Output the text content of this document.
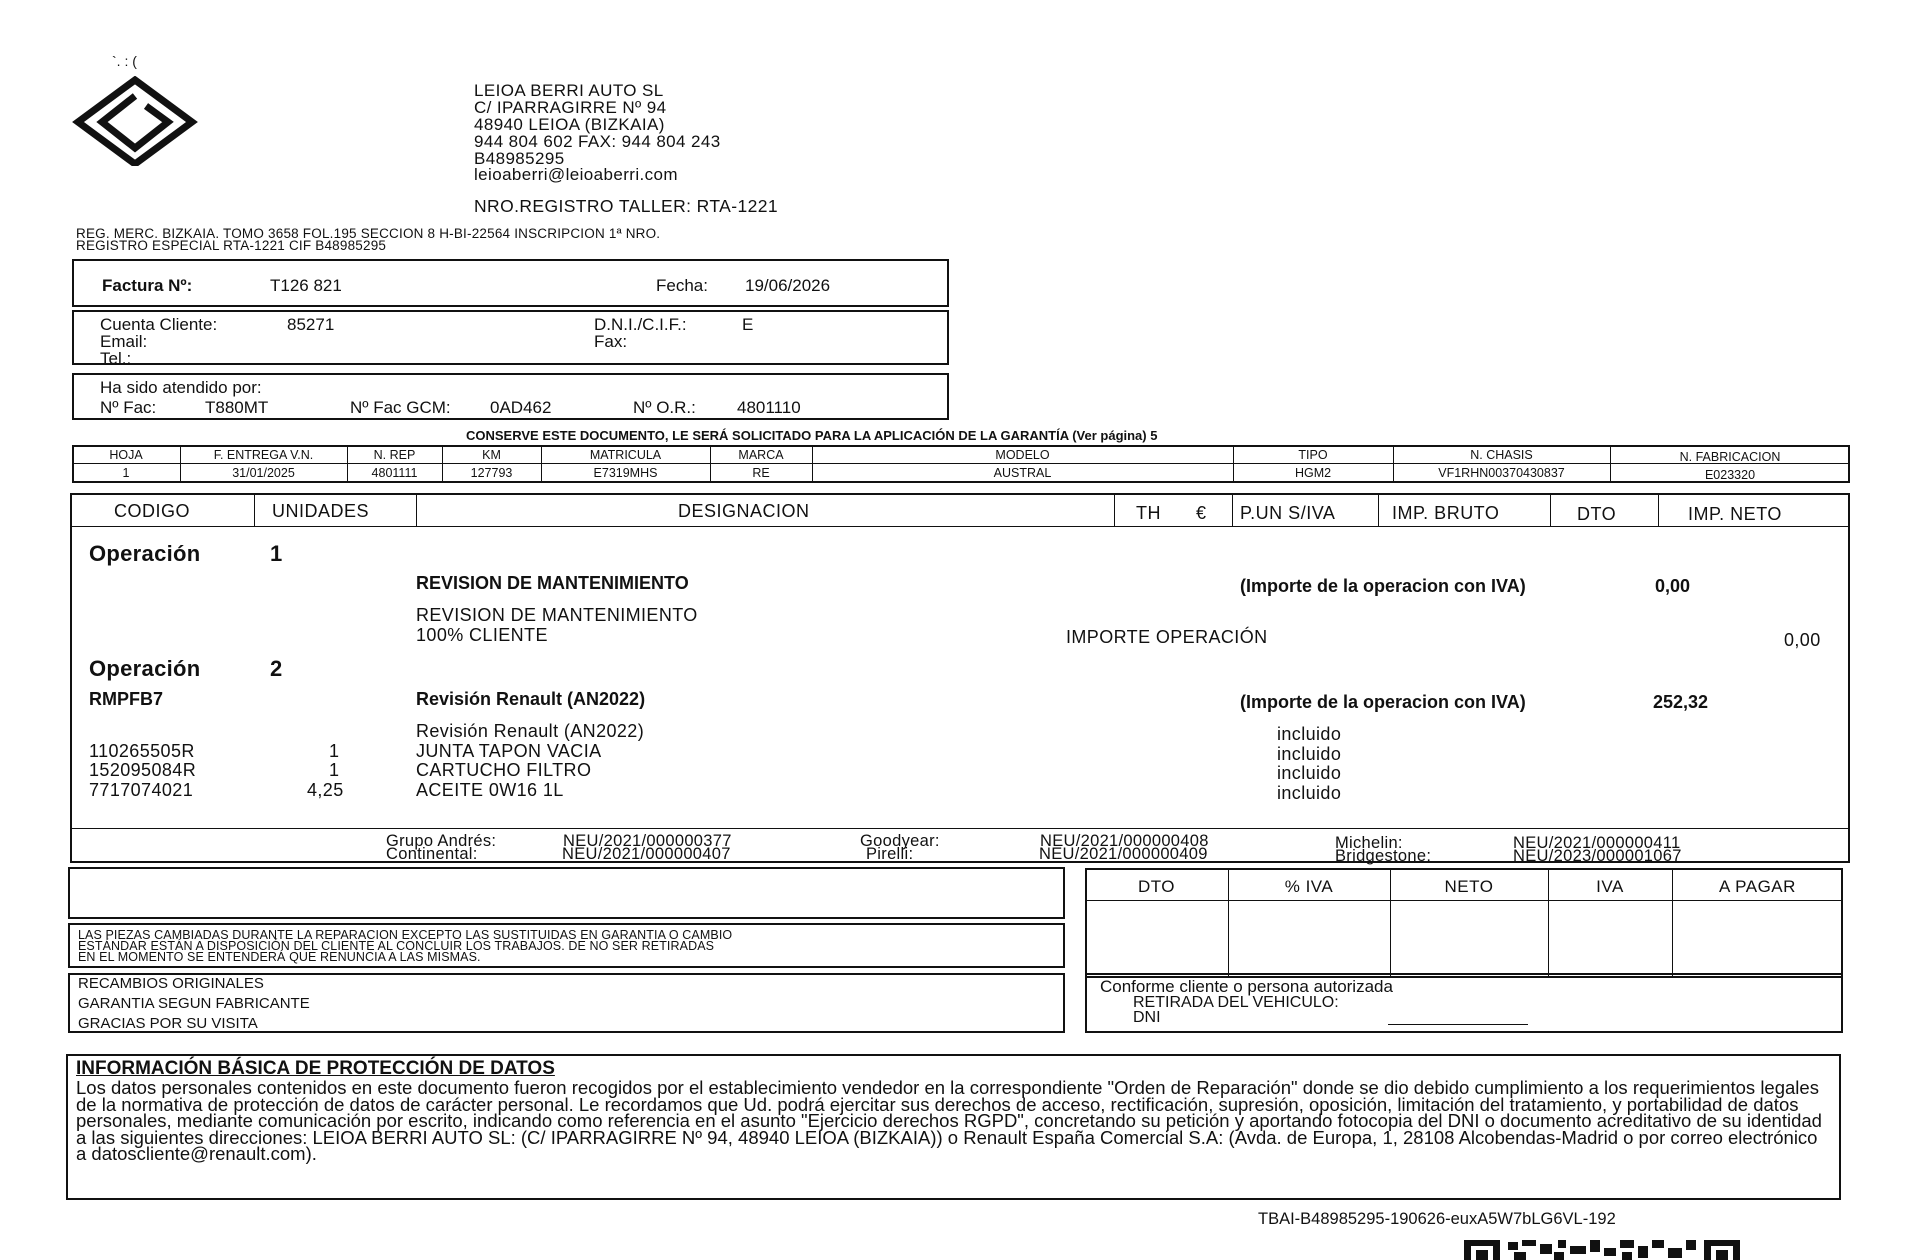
`. : (
LEIOA BERRI AUTO SL
C/ IPARRAGIRRE Nº 94
48940 LEIOA (BIZKAIA)
944 804 602 FAX: 944 804 243
B48985295
leioaberri@leioaberri.com
NRO.REGISTRO TALLER: RTA-1221
REG. MERC. BIZKAIA. TOMO 3658 FOL.195 SECCION 8 H-BI-22564 INSCRIPCION 1ª NRO.
REGISTRO ESPECIAL RTA-1221 CIF B48985295
Factura Nº:	T126 821	Fecha: 19/06/2026
Cuenta Cliente:	85271
Email:
Tel.:
D.N.I./C.I.F.:	E
Fax:
Ha sido atendido por:
Nº Fac:	T880MT	Nº Fac GCM: 0AD462	Nº O.R.: 4801110
CONSERVE ESTE DOCUMENTO, LE SERÁ SOLICITADO PARA LA APLICACIÓN DE LA GARANTÍA (Ver página) 5
HOJA	F. ENTREGA V.N.	N. REP	KM	MATRICULA	MARCA	MODELO	TIPO	N. CHASIS	N. FABRICACION
1	31/01/2025	4801111	127793	E7319MHS	RE	AUSTRAL	HGM2	VF1RHN00370430837	E023320
CODIGO	UNIDADES	DESIGNACION	TH € P.UN S/IVA	IMP. BRUTO	DTO	IMP. NETO
Operación	1
REVISION DE MANTENIMIENTO	(Importe de la operacion con IVA)	0,00
REVISION DE MANTENIMIENTO
100% CLIENTE	IMPORTE OPERACIÓN	0,00
Operación	2
RMPFB7	Revisión Renault (AN2022)	(Importe de la operacion con IVA)	252,32
Revisión Renault (AN2022)	incluido
110265505R	1	JUNTA TAPON VACIA	incluido
152095084R	1	CARTUCHO FILTRO	incluido
7717074021	4,25	ACEITE 0W16 1L	incluido
Grupo Andrés:	NEU/2021/000000377
Continental:	NEU/2021/000000407
Goodyear:	NEU/2021/000000408
Pirelli:	NEU/2021/000000409
Michelin:	NEU/2021/000000411
Bridgestone:	NEU/2023/000001067
LAS PIEZAS CAMBIADAS DURANTE LA REPARACION EXCEPTO LAS SUSTITUIDAS EN GARANTIA O CAMBIO
ESTÁNDAR ESTÁN A DISPOSICIÓN DEL CLIENTE AL CONCLUIR LOS TRABAJOS. DE NO SER RETIRADAS
EN EL MOMENTO SE ENTENDERÁ QUE RENUNCIA A LAS MISMAS.
RECAMBIOS ORIGINALES
GARANTIA SEGUN FABRICANTE
GRACIAS POR SU VISITA
DTO	% IVA	NETO	IVA	A PAGAR
Conforme cliente o persona autorizada
RETIRADA DEL VEHICULO:
DNI
INFORMACIÓN BÁSICA DE PROTECCIÓN DE DATOS
Los datos personales contenidos en este documento fueron recogidos por el establecimiento vendedor en la correspondiente "Orden de Reparación" donde se dio debido cumplimiento a los requerimientos legales de la normativa de protección de datos de carácter personal. Le recordamos que Ud. podrá ejercitar sus derechos de acceso, rectificación, supresión, oposición, limitación del tratamiento, y portabilidad de datos personales, mediante comunicación por escrito, indicando como referencia en el asunto "Ejercicio derechos RGPD", concretando su petición y aportando fotocopia del DNI o documento acreditativo de su identidad a las siguientes direcciones: LEIOA BERRI AUTO SL: (C/ IPARRAGIRRE Nº 94, 48940 LEIOA (BIZKAIA)) o Renault España Comercial S.A: (Avda. de Europa, 1, 28108 Alcobendas-Madrid o por correo electrónico a datoscliente@renault.com).
TBAI-B48985295-190626-euxA5W7bLG6VL-192
